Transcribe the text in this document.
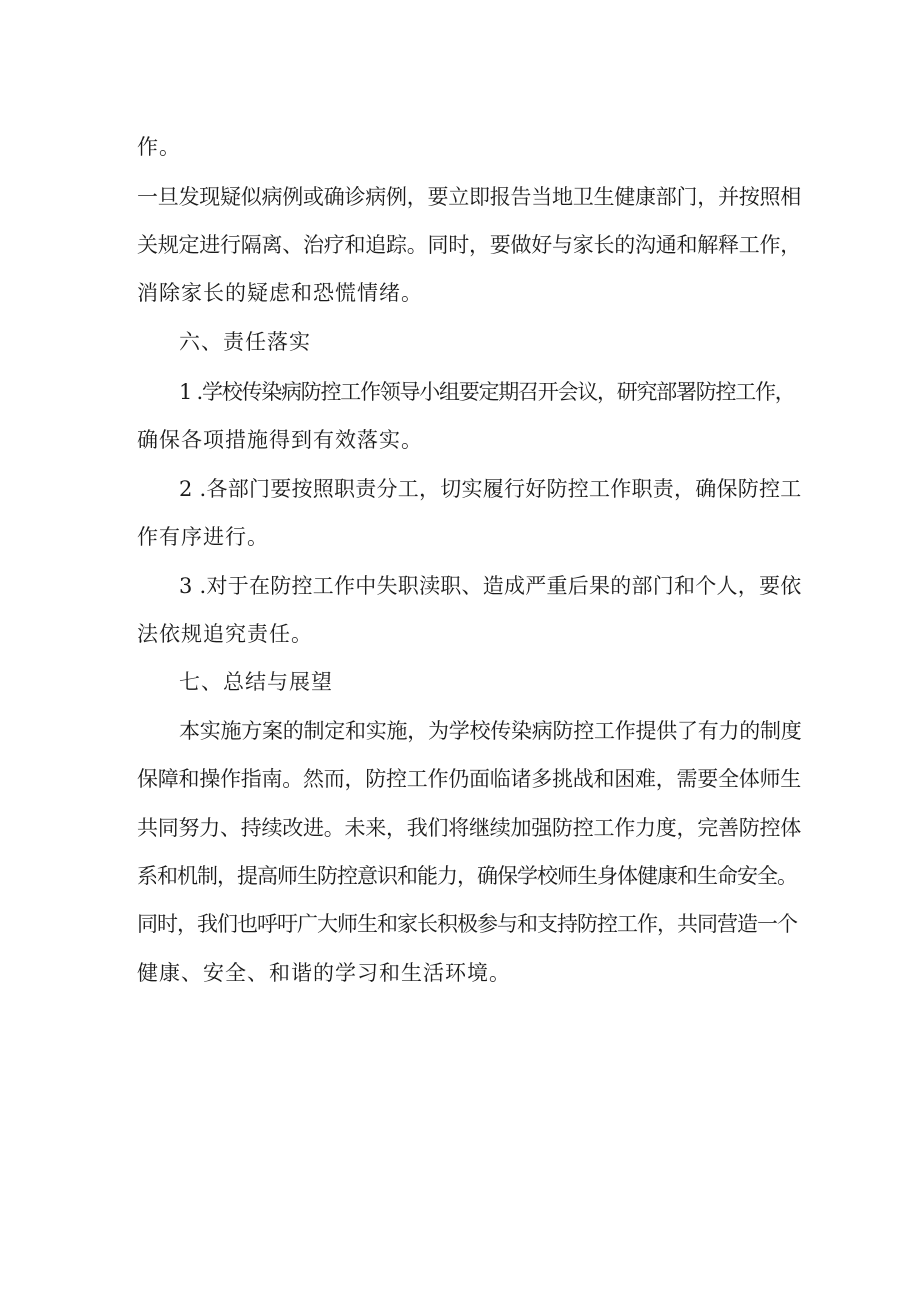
作。
一旦发现疑似病例或确诊病例，要立即报告当地卫生健康部门，并按照相
关规定进行隔离、治疗和追踪。同时，要做好与家长的沟通和解释工作，
消除家长的疑虑和恐慌情绪。
六、责任落实
1 .学校传染病防控工作领导小组要定期召开会议，研究部署防控工作，
确保各项措施得到有效落实。
2 .各部门要按照职责分工，切实履行好防控工作职责，确保防控工
作有序进行。
3 .对于在防控工作中失职渎职、造成严重后果的部门和个人，要依
法依规追究责任。
七、总结与展望
本实施方案的制定和实施，为学校传染病防控工作提供了有力的制度
保障和操作指南。然而，防控工作仍面临诸多挑战和困难，需要全体师生
共同努力、持续改进。未来，我们将继续加强防控工作力度，完善防控体
系和机制，提高师生防控意识和能力，确保学校师生身体健康和生命安全。
同时，我们也呼吁广大师生和家长积极参与和支持防控工作，共同营造一个
健康、安全、和谐的学习和生活环境。
